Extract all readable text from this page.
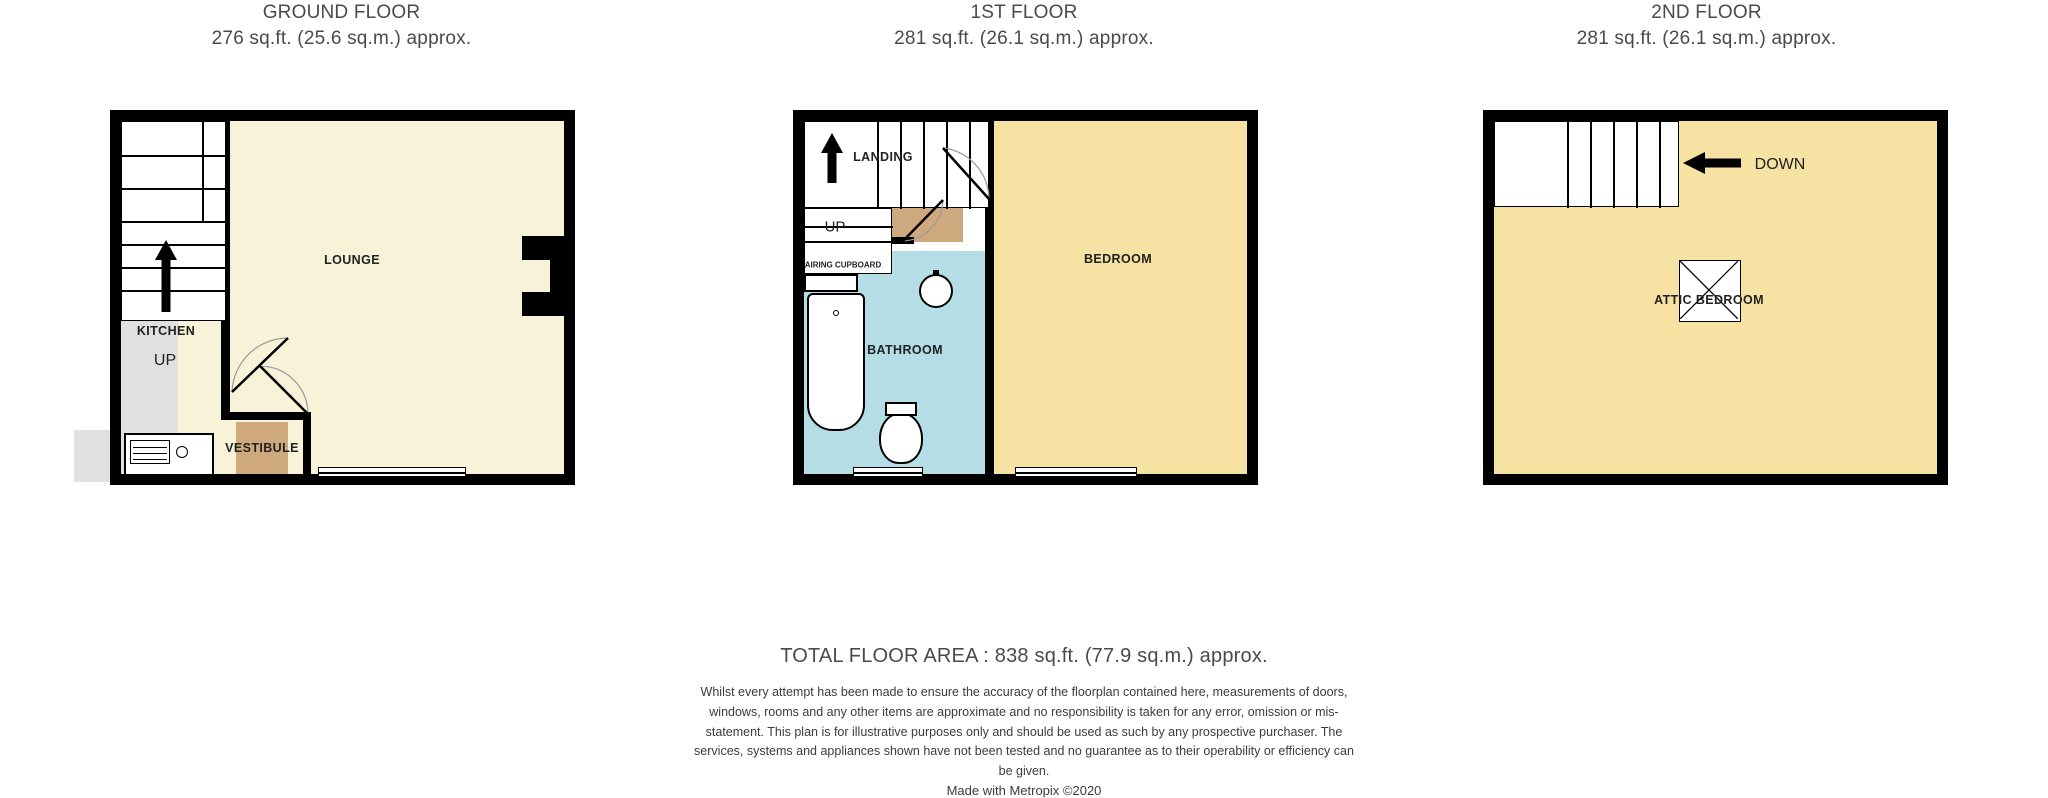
GROUND FLOOR
276 sq.ft. (25.6 sq.m.) approx.
LOUNGE
KITCHEN
VESTIBULE
UP
1ST FLOOR
281 sq.ft. (26.1 sq.m.) approx.
LANDING
BEDROOM
BATHROOM
UP
AIRING CUPBOARD
2ND FLOOR
281 sq.ft. (26.1 sq.m.) approx.
ATTIC BEDROOM
DOWN
TOTAL FLOOR AREA : 838 sq.ft. (77.9 sq.m.) approx.
Whilst every attempt has been made to ensure the accuracy of the floorplan contained here, measurements of doors, windows, rooms and any other items are approximate and no responsibility is taken for any error, omission or mis-statement. This plan is for illustrative purposes only and should be used as such by any prospective purchaser. The services, systems and appliances shown have not been tested and no guarantee as to their operability or efficiency can be given.
Made with Metropix ©2020
